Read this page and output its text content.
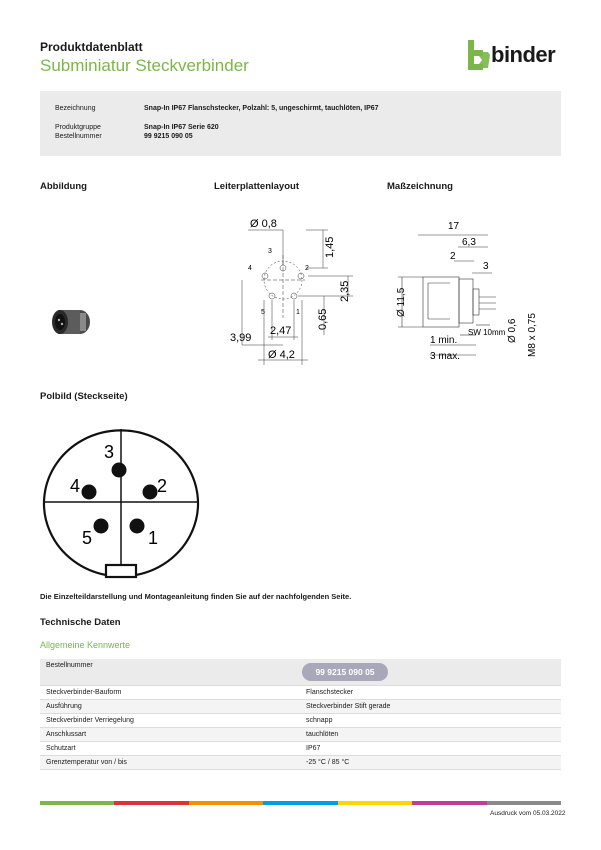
Produktdatenblatt
Subminiatur Steckverbinder	binder
Bezeichnung	Snap-In IP67 Flanschstecker, Polzahl: 5, ungeschirmt, tauchlöten, IP67
Produktgruppe	Snap-In IP67 Serie 620
Bestellnummer	99 9215 090 05
Abbildung	Leiterplattenlayout	Maßzeichnung
Ø 0,8
1,45
2,35
0,65
3,99
2,47
Ø 4,2
2
1
3
4
5
17
6,3
2
3
Ø 11,5
SW 10mm
1 min.
3 max.
Ø 0,6 M8 x 0,75
Polbild (Steckseite)
3
2
4
5	1
Die Einzelteildarstellung und Montageanleitung finden Sie auf der nachfolgenden Seite.
Technische Daten
Allgemeine Kennwerte
Bestellnummer
99 9215 090 05
Steckverbinder-Bauform	Flanschstecker
Ausführung	Steckverbinder Stift gerade
Steckverbinder Verriegelung	schnapp
Anschlussart	tauchlöten
Schutzart	IP67
Grenztemperatur von / bis	-25 °C / 85 °C
Ausdruck vom 05.03.2022
